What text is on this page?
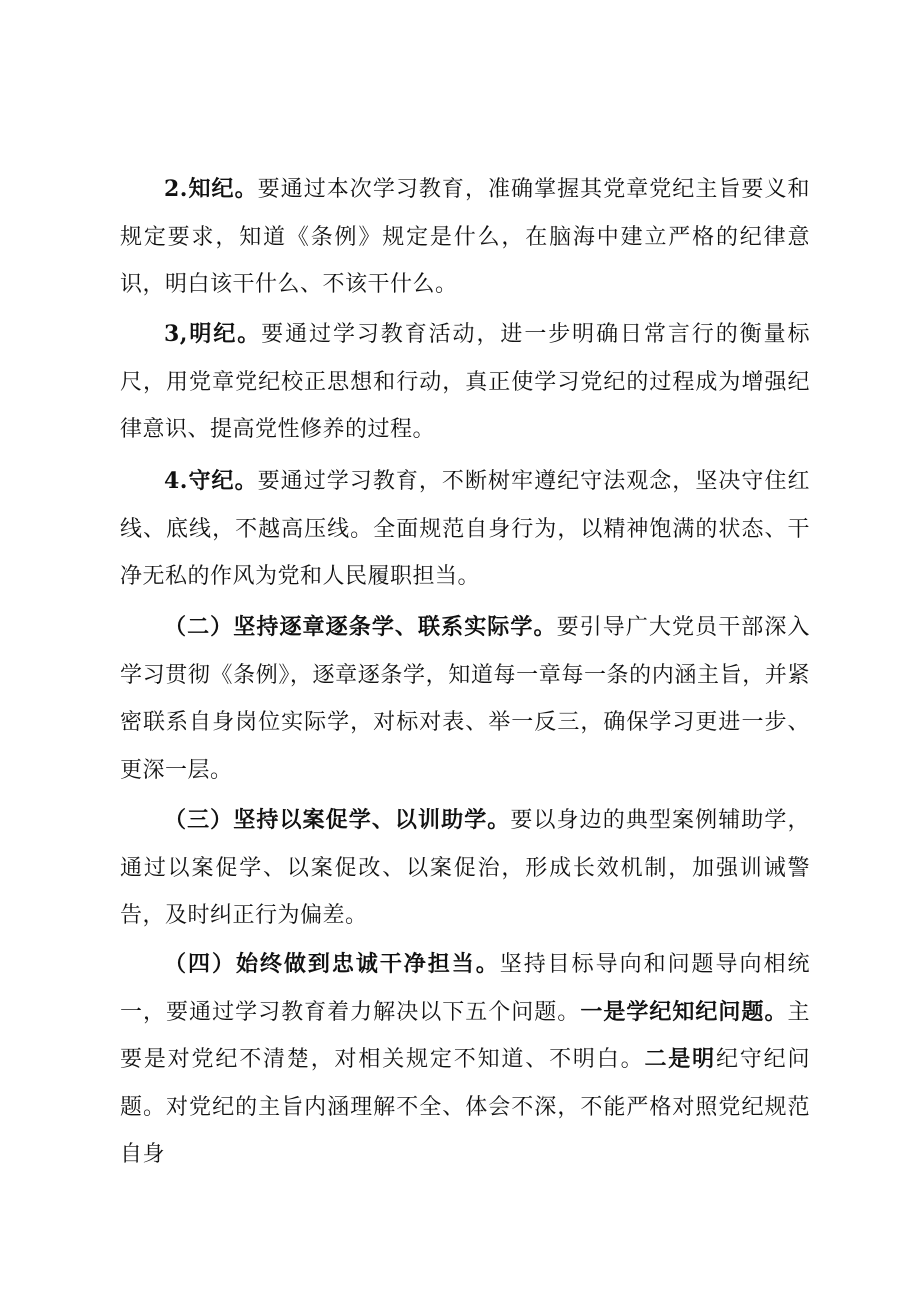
2.知纪。要通过本次学习教育，准确掌握其党章党纪主旨要义和规定要求，知道《条例》规定是什么，在脑海中建立严格的纪律意识，明白该干什么、不该干什么。

3,明纪。要通过学习教育活动，进一步明确日常言行的衡量标尺，用党章党纪校正思想和行动，真正使学习党纪的过程成为增强纪律意识、提高党性修养的过程。

4.守纪。要通过学习教育，不断树牢遵纪守法观念，坚决守住红线、底线，不越高压线。全面规范自身行为，以精神饱满的状态、干净无私的作风为党和人民履职担当。

（二）坚持逐章逐条学、联系实际学。要引导广大党员干部深入学习贯彻《条例》，逐章逐条学，知道每一章每一条的内涵主旨，并紧密联系自身岗位实际学，对标对表、举一反三，确保学习更进一步、更深一层。

（三）坚持以案促学、以训助学。要以身边的典型案例辅助学，通过以案促学、以案促改、以案促治，形成长效机制，加强训诫警告，及时纠正行为偏差。

（四）始终做到忠诚干净担当。坚持目标导向和问题导向相统一，要通过学习教育着力解决以下五个问题。一是学纪知纪问题。主要是对党纪不清楚，对相关规定不知道、不明白。二是明纪守纪问题。对党纪的主旨内涵理解不全、体会不深，不能严格对照党纪规范自身
